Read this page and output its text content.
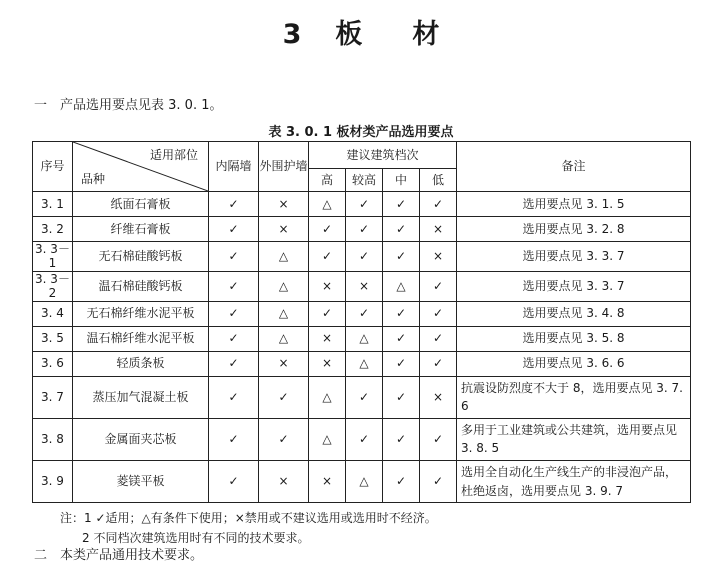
3 板 材
一 产品选用要点见表 3. 0. 1。
表 3. 0. 1 板材类产品选用要点
序号	适用部位
品种	内隔墙	外围护墙	建议建筑档次				备注
				高	较高	中	低	
3. 1	纸面石膏板	✓	×	△	✓	✓	✓	选用要点见 3. 1. 5
3. 2	纤维石膏板	✓	×	✓	✓	✓	×	选用要点见 3. 2. 8
3. 3－1	无石棉硅酸钙板	✓	△	✓	✓	✓	×	选用要点见 3. 3. 7
3. 3－2	温石棉硅酸钙板	✓	△	×	×	△	✓	选用要点见 3. 3. 7
3. 4	无石棉纤维水泥平板	✓	△	✓	✓	✓	✓	选用要点见 3. 4. 8
3. 5	温石棉纤维水泥平板	✓	△	×	△	✓	✓	选用要点见 3. 5. 8
3. 6	轻质条板	✓	×	×	△	✓	✓	选用要点见 3. 6. 6
3. 7	蒸压加气混凝土板	✓	✓	△	✓	✓	×	抗震设防烈度不大于 8，选用要点见 3. 7. 6
3. 8	金属面夹芯板	✓	✓	△	✓	✓	✓	多用于工业建筑或公共建筑，选用要点见 3. 8. 5
3. 9	菱镁平板	✓	×	×	△	✓	✓	选用全自动化生产线生产的非浸泡产品，杜绝返卤，选用要点见 3. 9. 7
注：1 ✓适用；△有条件下使用；×禁用或不建议选用或选用时不经济。
2 不同档次建筑选用时有不同的技术要求。
二 本类产品通用技术要求。
